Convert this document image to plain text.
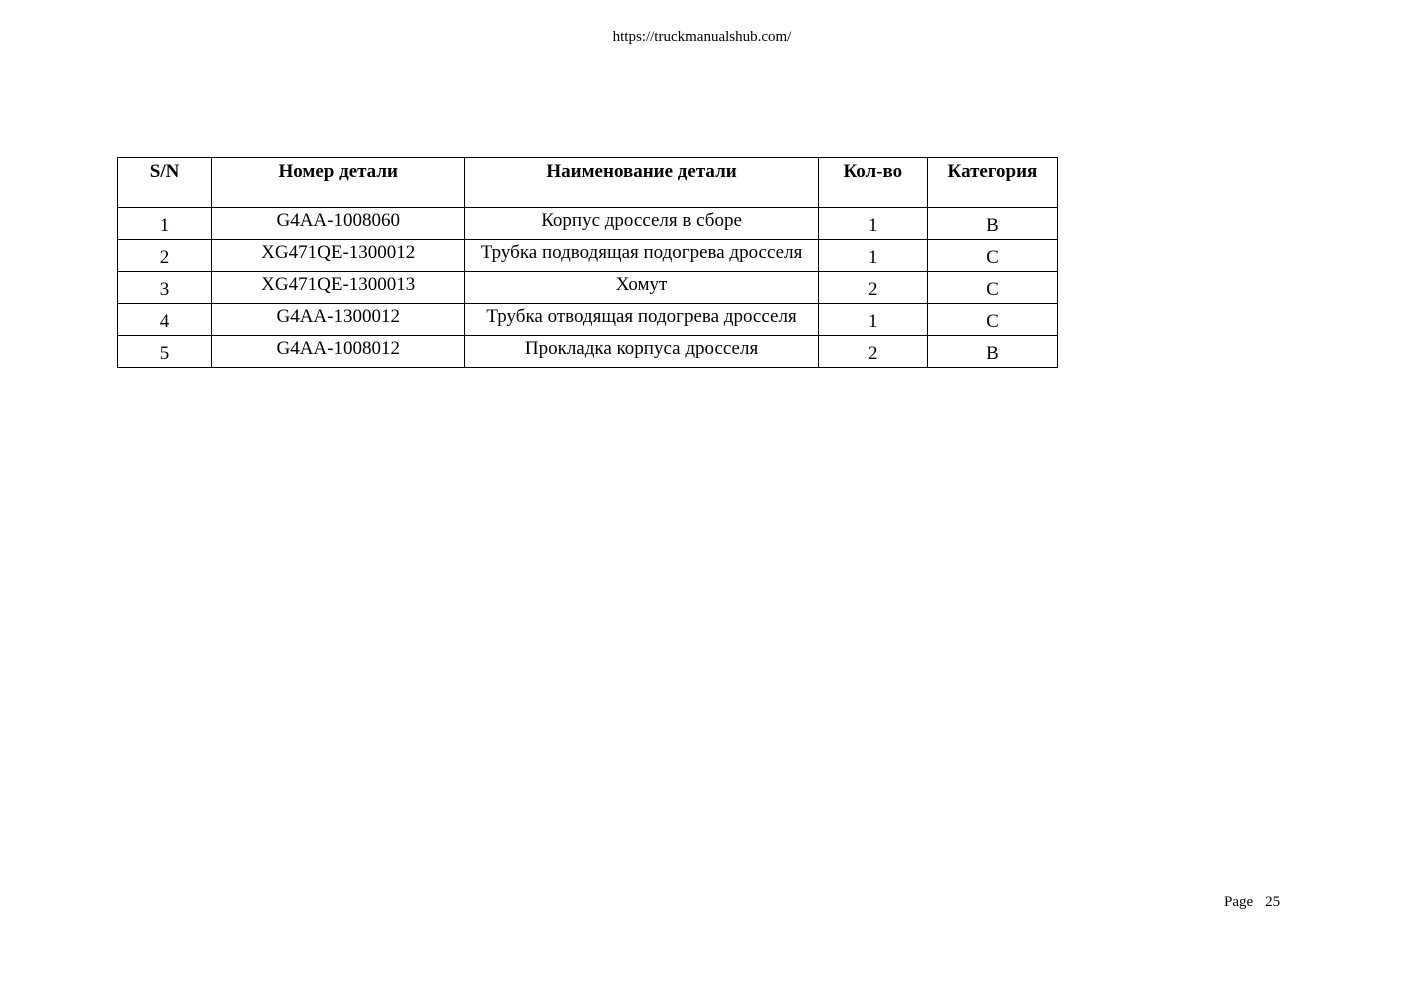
https://truckmanualshub.com/
S/N	Номер детали	Наименование детали	Кол-во	Категория
1	G4AA-1008060	Корпус дросселя в сборе	1	B
2	XG471QE-1300012	Трубка подводящая подогрева дросселя	1	C
3	XG471QE-1300013	Хомут	2	C
4	G4AA-1300012	Трубка отводящая подогрева дросселя	1	C
5	G4AA-1008012	Прокладка корпуса дросселя	2	B
Page 25
